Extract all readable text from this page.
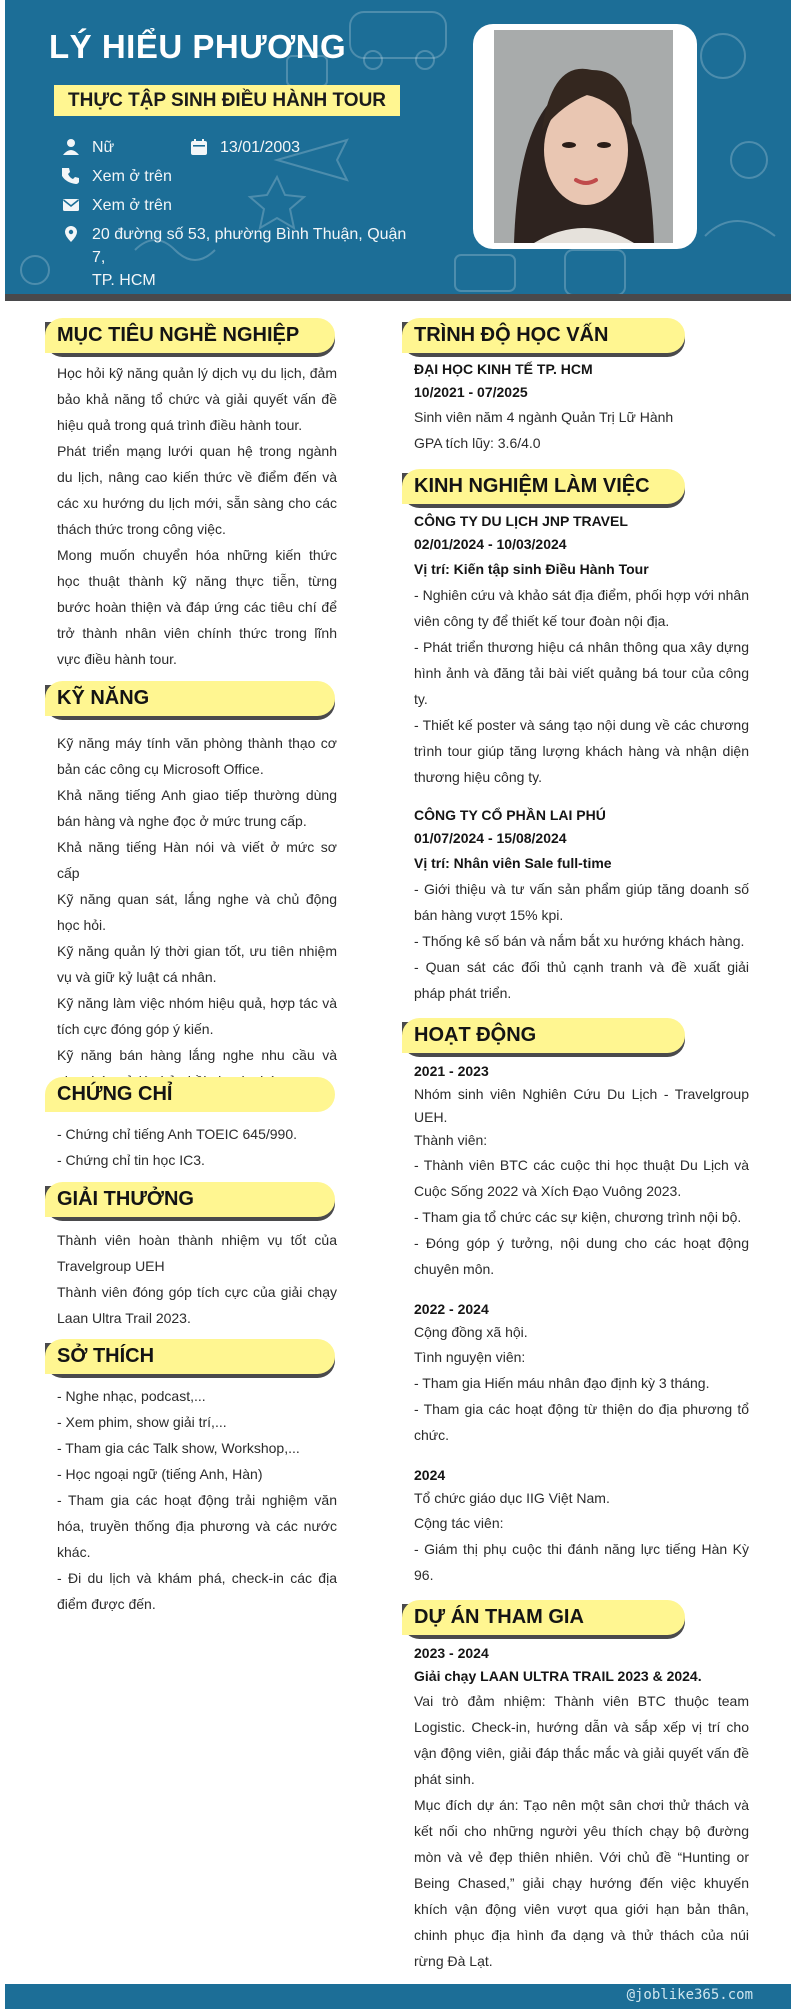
LÝ HIỂU PHƯƠNG
THỰC TẬP SINH ĐIỀU HÀNH TOUR
Nữ	13/01/2003
Xem ở trên
Xem ở trên
20 đường số 53, phường Bình Thuận, Quận 7,
TP. HCM
MỤC TIÊU NGHỀ NGHIỆP

Học hỏi kỹ năng quản lý dịch vụ du lịch, đảm bảo khả năng tổ chức và giải quyết vấn đề hiệu quả trong quá trình điều hành tour.

Phát triển mạng lưới quan hệ trong ngành du lịch, nâng cao kiến thức về điểm đến và các xu hướng du lịch mới, sẵn sàng cho các thách thức trong công việc.

Mong muốn chuyển hóa những kiến thức học thuật thành kỹ năng thực tiễn, từng bước hoàn thiện và đáp ứng các tiêu chí để trở thành nhân viên chính thức trong lĩnh vực điều hành tour.

KỸ NĂNG

Kỹ năng máy tính văn phòng thành thạo cơ bản các công cụ Microsoft Office.

Khả năng tiếng Anh giao tiếp thường dùng bán hàng và nghe đọc ở mức trung cấp.

Khả năng tiếng Hàn nói và viết ở mức sơ cấp

Kỹ năng quan sát, lắng nghe và chủ động học hỏi.

Kỹ năng quản lý thời gian tốt, ưu tiên nhiệm vụ và giữ kỷ luật cá nhân.

Kỹ năng làm việc nhóm hiệu quả, hợp tác và tích cực đóng góp ý kiến.

Kỹ năng bán hàng lắng nghe nhu cầu và

CHỨNG CHỈ

- Chứng chỉ tiếng Anh TOEIC 645/990.

- Chứng chỉ tin học IC3.

GIẢI THƯỞNG

Thành viên hoàn thành nhiệm vụ tốt của Travelgroup UEH

Thành viên đóng góp tích cực của giải chạy Laan Ultra Trail 2023.

SỞ THÍCH

- Nghe nhạc, podcast,...

- Xem phim, show giải trí,...

- Tham gia các Talk show, Workshop,...

- Học ngoại ngữ (tiếng Anh, Hàn)

- Tham gia các hoạt động trải nghiệm văn hóa, truyền thống địa phương và các nước khác.

- Đi du lịch và khám phá, check-in các địa điểm được đến.

TRÌNH ĐỘ HỌC VẤN

ĐẠI HỌC KINH TẾ TP. HCM

10/2021 - 07/2025

Sinh viên năm 4 ngành Quản Trị Lữ Hành

GPA tích lũy: 3.6/4.0

KINH NGHIỆM LÀM VIỆC

CÔNG TY DU LỊCH JNP TRAVEL

02/01/2024 - 10/03/2024

Vị trí: Kiến tập sinh Điều Hành Tour

- Nghiên cứu và khảo sát địa điểm, phối hợp với nhân viên công ty để thiết kế tour đoàn nội địa.

- Phát triển thương hiệu cá nhân thông qua xây dựng hình ảnh và đăng tải bài viết quảng bá tour của công ty.

- Thiết kế poster và sáng tạo nội dung về các chương trình tour giúp tăng lượng khách hàng và nhận diện thương hiệu công ty.

CÔNG TY CỔ PHẦN LAI PHÚ

01/07/2024 - 15/08/2024

Vị trí: Nhân viên Sale full-time

- Giới thiệu và tư vấn sản phẩm giúp tăng doanh số bán hàng vượt 15% kpi.

- Thống kê số bán và nắm bắt xu hướng khách hàng.

- Quan sát các đối thủ cạnh tranh và đề xuất giải pháp phát triển.

HOẠT ĐỘNG

2021 - 2023

Nhóm sinh viên Nghiên Cứu Du Lịch - Travelgroup UEH.

Thành viên:

- Thành viên BTC các cuộc thi học thuật Du Lịch và Cuộc Sống 2022 và Xích Đạo Vuông 2023.

- Tham gia tổ chức các sự kiện, chương trình nội bộ.

- Đóng góp ý tưởng, nội dung cho các hoạt động chuyên môn.

2022 - 2024

Cộng đồng xã hội.

Tình nguyện viên:

- Tham gia Hiến máu nhân đạo định kỳ 3 tháng.

- Tham gia các hoạt động từ thiện do địa phương tổ chức.

2024

Tổ chức giáo dục IIG Việt Nam.

Cộng tác viên:

- Giám thị phụ cuộc thi đánh năng lực tiếng Hàn Kỳ 96.

DỰ ÁN THAM GIA

2023 - 2024

Giải chạy LAAN ULTRA TRAIL 2023 & 2024.

Vai trò đảm nhiệm: Thành viên BTC thuộc team Logistic. Check-in, hướng dẫn và sắp xếp vị trí cho vận động viên, giải đáp thắc mắc và giải quyết vấn đề phát sinh.

Mục đích dự án: Tạo nên một sân chơi thử thách và kết nối cho những người yêu thích chạy bộ đường mòn và vẻ đẹp thiên nhiên. Với chủ đề “Hunting or Being Chased,” giải chạy hướng đến việc khuyến khích vận động viên vượt qua giới hạn bản thân, chinh phục địa hình đa dạng và thử thách của núi rừng Đà Lạt.

@joblike365.com
